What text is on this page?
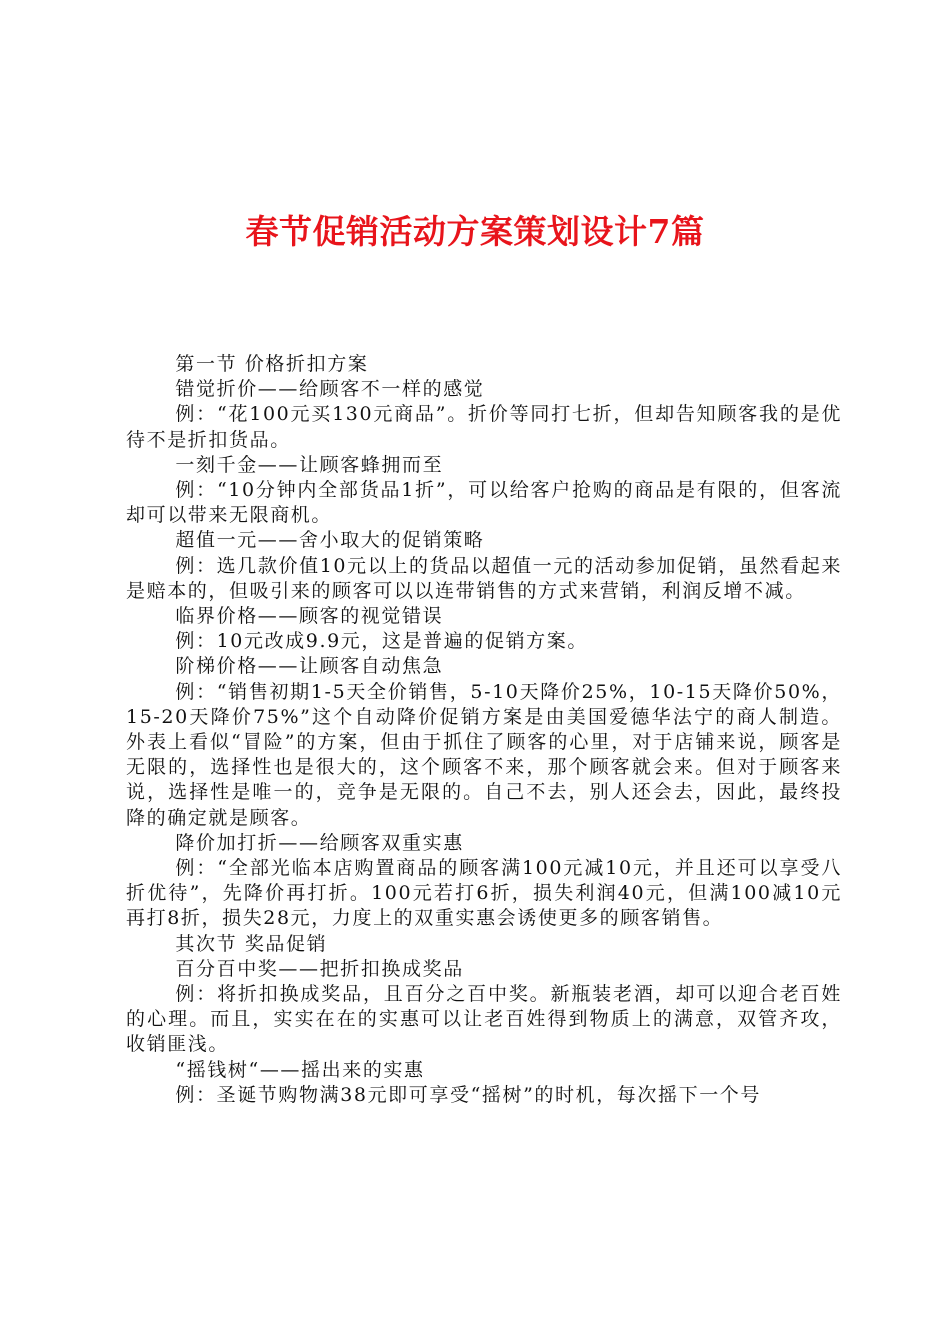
春节促销活动方案策划设计7篇

第一节 价格折扣方案

错觉折价——给顾客不一样的感觉

例：“花100元买130元商品”。折价等同打七折，但却告知顾客我的是优待不是折扣货品。

一刻千金——让顾客蜂拥而至

例：“10分钟内全部货品1折”，可以给客户抢购的商品是有限的，但客流却可以带来无限商机。

超值一元——舍小取大的促销策略

例：选几款价值10元以上的货品以超值一元的活动参加促销，虽然看起来是赔本的，但吸引来的顾客可以以连带销售的方式来营销，利润反增不减。

临界价格——顾客的视觉错误

例：10元改成9.9元，这是普遍的促销方案。

阶梯价格——让顾客自动焦急

例：“销售初期1-5天全价销售，5-10天降价25%，10-15天降价50%，15-20天降价75%”这个自动降价促销方案是由美国爱德华法宁的商人制造。外表上看似“冒险”的方案，但由于抓住了顾客的心里，对于店铺来说，顾客是无限的，选择性也是很大的，这个顾客不来，那个顾客就会来。但对于顾客来说，选择性是唯一的，竞争是无限的。自己不去，别人还会去，因此，最终投降的确定就是顾客。

降价加打折——给顾客双重实惠

例：“全部光临本店购置商品的顾客满100元减10元，并且还可以享受八折优待”，先降价再打折。100元若打6折，损失利润40元，但满100减10元再打8折，损失28元，力度上的双重实惠会诱使更多的顾客销售。

其次节 奖品促销

百分百中奖——把折扣换成奖品

例：将折扣换成奖品，且百分之百中奖。新瓶装老酒，却可以迎合老百姓的心理。而且，实实在在的实惠可以让老百姓得到物质上的满意，双管齐攻，收销匪浅。

“摇钱树“——摇出来的实惠

例：圣诞节购物满38元即可享受“摇树”的时机，每次摇下一个号
